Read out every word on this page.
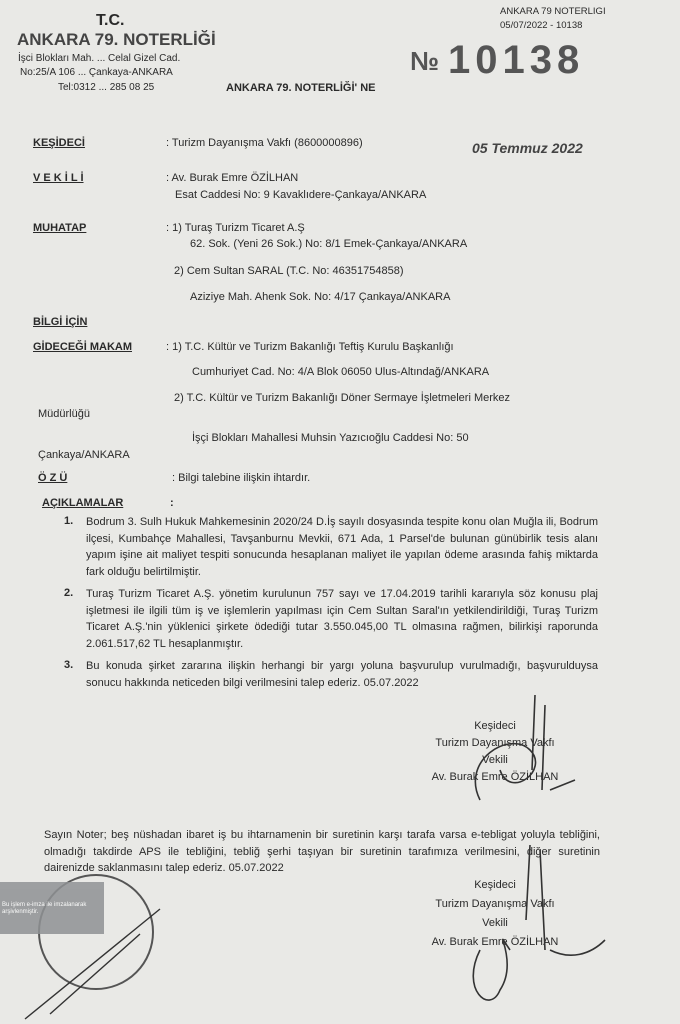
T.C.
ANKARA 79. NOTERLİĞİ
İşci Blokları Mah. ... Celal Gizel Cad.
No:25/A 106 ... Çankaya-ANKARA
Tel:0312 ... 285 08 25	ANKARA 79. NOTERLİĞİ' NE
№ 10138
ANKARA 79 NOTERLIGI
05/07/2022 - 10138
05 Temmuz 2022
KEŞİDECİ	: Turizm Dayanışma Vakfı (8600000896)
V E K İ L İ	: Av. Burak Emre ÖZİLHAN
Esat Caddesi No: 9 Kavaklıdere-Çankaya/ANKARA
MUHATAP	: 1) Turaş Turizm Ticaret A.Ş
62. Sok. (Yeni 26 Sok.) No: 8/1 Emek-Çankaya/ANKARA
2) Cem Sultan SARAL (T.C. No: 46351754858)
Aziziye Mah. Ahenk Sok. No: 4/17 Çankaya/ANKARA
BİLGİ İÇİN
GİDECEĞİ MAKAM	: 1) T.C. Kültür ve Turizm Bakanlığı Teftiş Kurulu Başkanlığı
Cumhuriyet Cad. No: 4/A Blok 06050 Ulus-Altındağ/ANKARA
2) T.C. Kültür ve Turizm Bakanlığı Döner Sermaye İşletmeleri Merkez
Müdürlüğü
İşçi Blokları Mahallesi Muhsin Yazıcıoğlu Caddesi No: 50
Çankaya/ANKARA
Ö Z Ü	: Bilgi talebine ilişkin ihtardır.
AÇIKLAMALAR	:
1. Bodrum 3. Sulh Hukuk Mahkemesinin 2020/24 D.İş sayılı dosyasında tespite konu olan Muğla ili, Bodrum ilçesi, Kumbahçe Mahallesi, Tavşanburnu Mevkii, 671 Ada, 1 Parsel'de bulunan günübirlik tesis alanı yapım işine ait maliyet tespiti sonucunda hesaplanan maliyet ile yapılan ödeme arasında fahiş miktarda fark olduğu belirtilmiştir.
2. Turaş Turizm Ticaret A.Ş. yönetim kurulunun 757 sayı ve 17.04.2019 tarihli kararıyla söz konusu plaj işletmesi ile ilgili tüm iş ve işlemlerin yapılması için Cem Sultan Saral'ın yetkilendirildiği, Turaş Turizm Ticaret A.Ş.'nin yüklenici şirkete ödediği tutar 3.550.045,00 TL olmasına rağmen, bilirkişi raporunda 2.061.517,62 TL hesaplanmıştır.
3. Bu konuda şirket zararına ilişkin herhangi bir yargı yoluna başvurulup vurulmadığı, başvurulduysa sonucu hakkında neticeden bilgi verilmesini talep ederiz. 05.07.2022
Keşideci
Turizm Dayanışma Vakfı
Vekili
Av. Burak Emre ÖZİLHAN
Sayın Noter; beş nüshadan ibaret iş bu ihtarnamenin bir suretinin karşı tarafa varsa e-tebligat yoluyla tebliğini, olmadığı takdirde APS ile tebliğini, tebliğ şerhi taşıyan bir suretinin tarafımıza verilmesini, diğer suretinin dairenizde saklanmasını talep ederiz. 05.07.2022
Keşideci
Turizm Dayanışma Vakfı
Vekili
Av. Burak Emre ÖZİLHAN
Bu işlem e-imza ile imzalanarak arşivlenmiştir.
